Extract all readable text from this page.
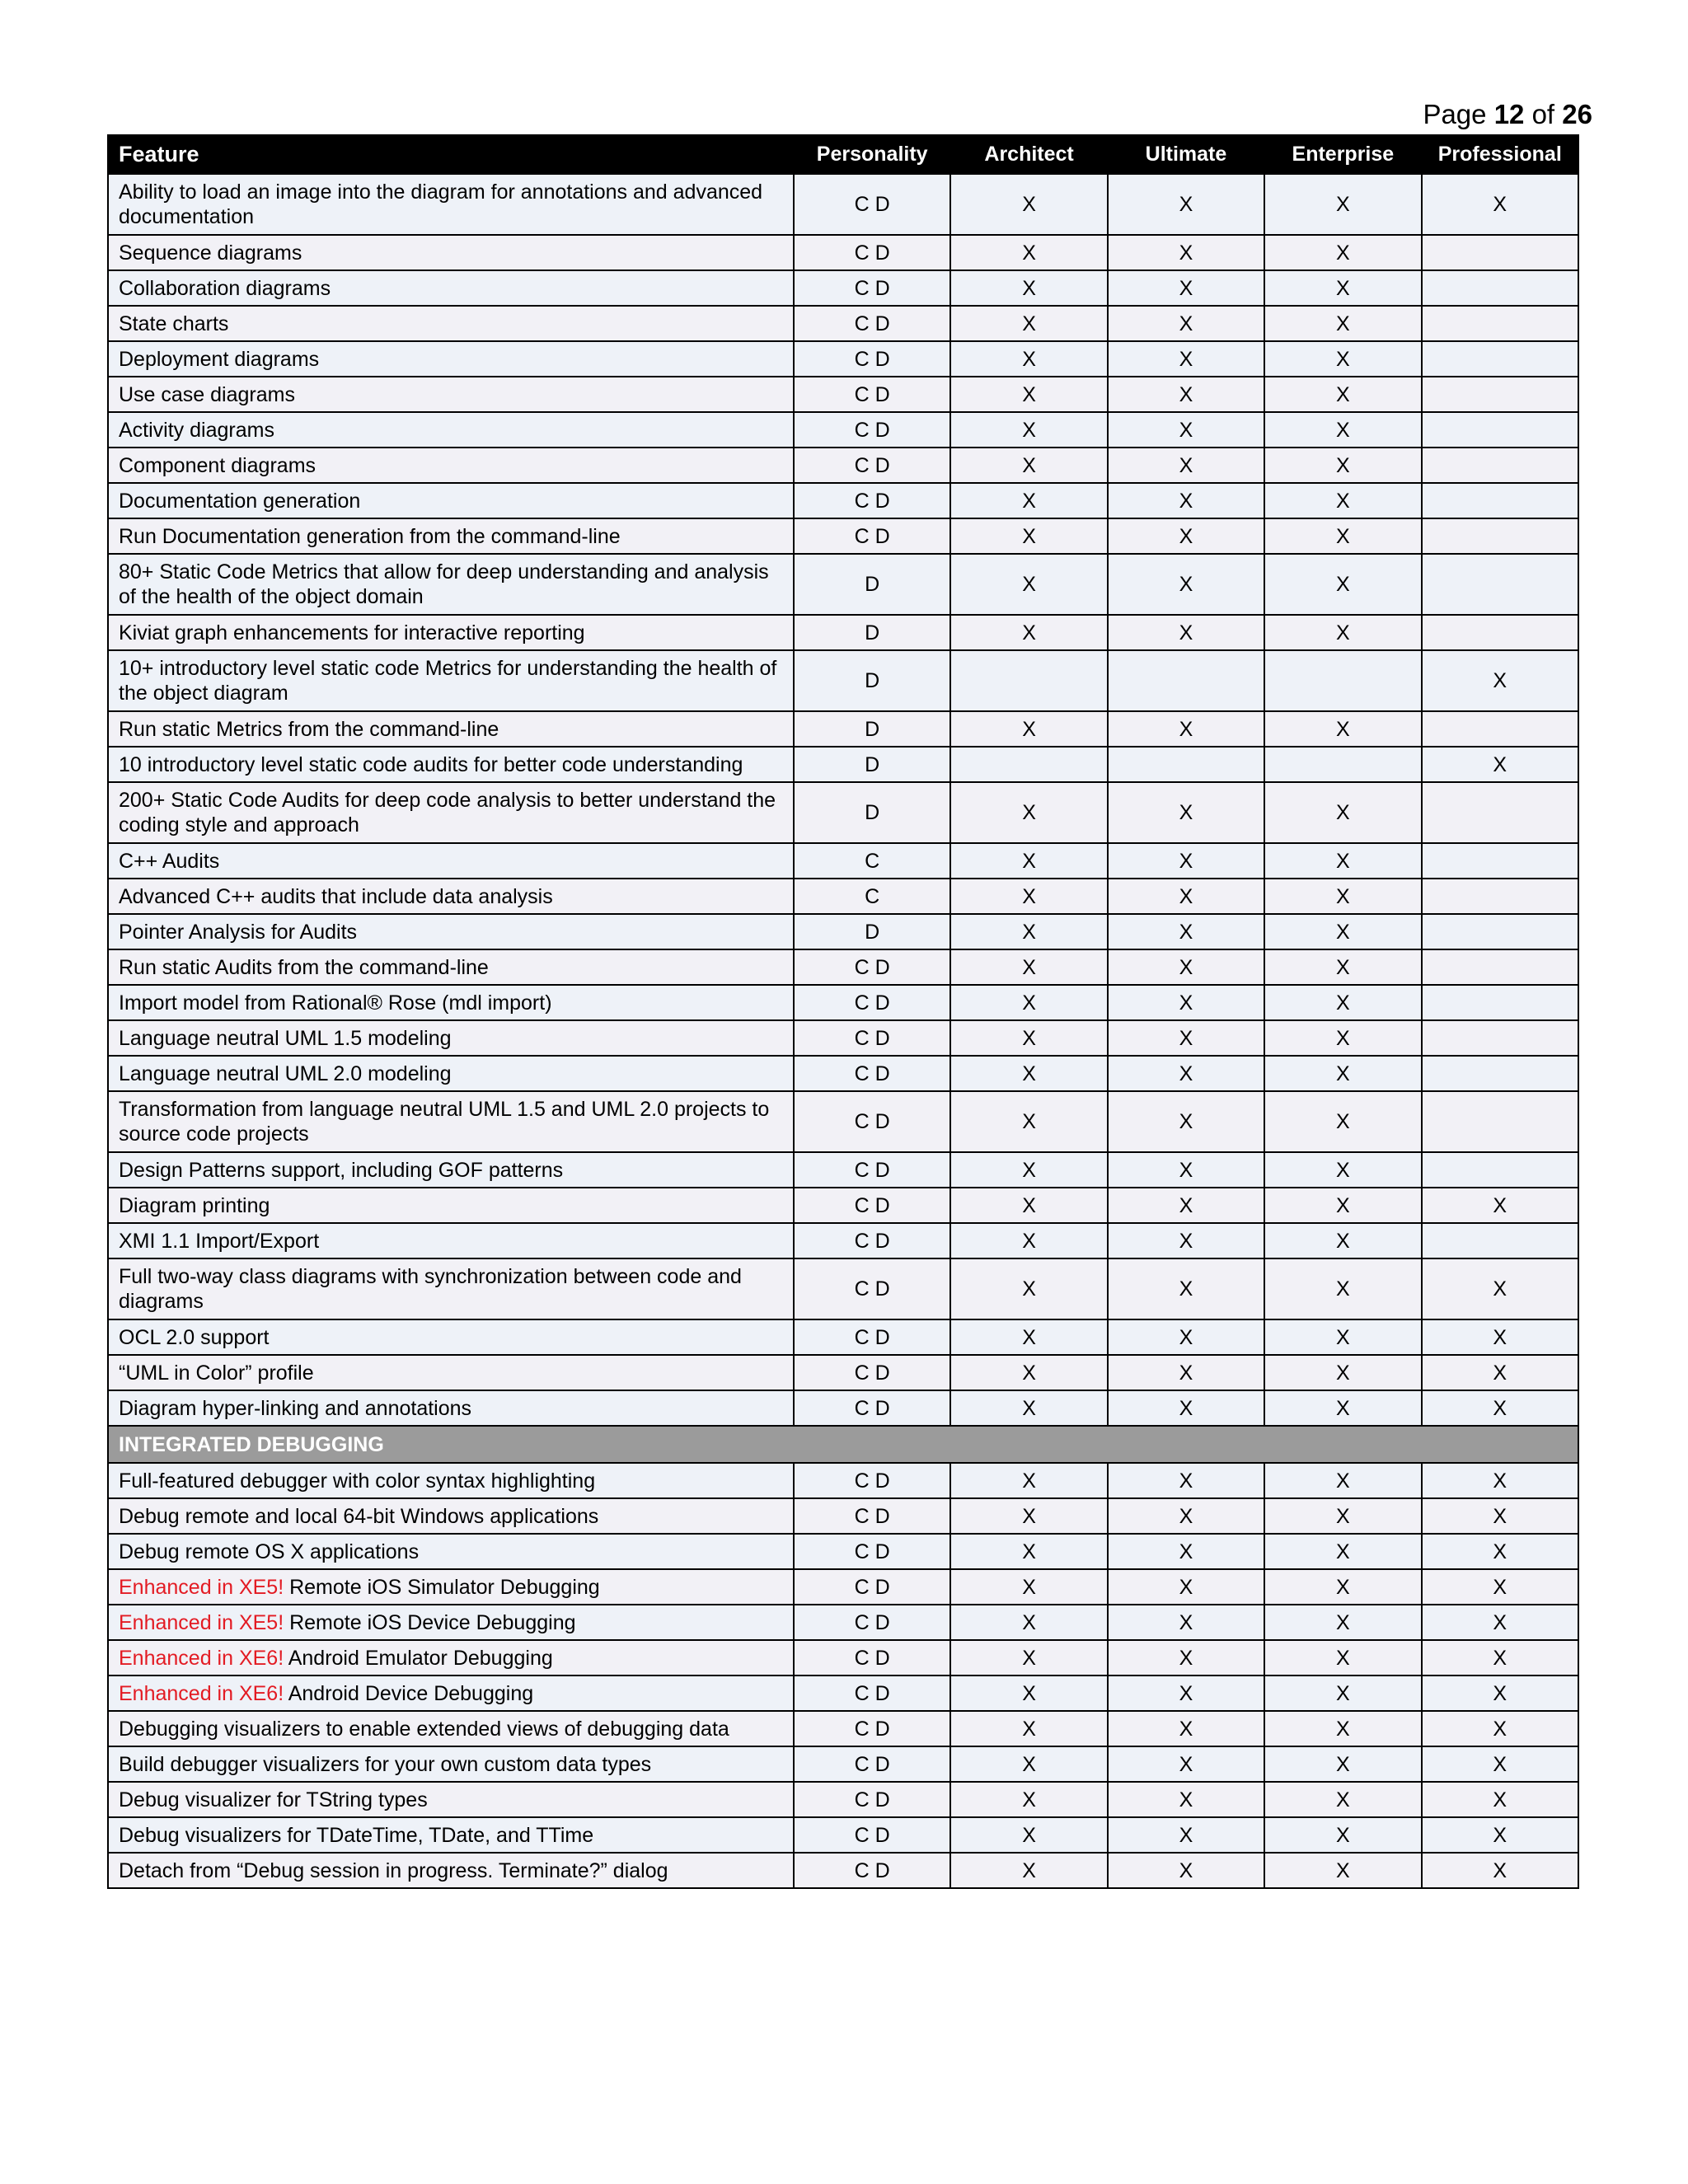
Page 12 of 26
Feature	Personality	Architect	Ultimate	Enterprise	Professional
Ability to load an image into the diagram for annotations and advanced documentation	C D	X	X	X	X
Sequence diagrams	C D	X	X	X	
Collaboration diagrams	C D	X	X	X	
State charts	C D	X	X	X	
Deployment diagrams	C D	X	X	X	
Use case diagrams	C D	X	X	X	
Activity diagrams	C D	X	X	X	
Component diagrams	C D	X	X	X	
Documentation generation	C D	X	X	X	
Run Documentation generation from the command-line	C D	X	X	X	
80+ Static Code Metrics that allow for deep understanding and analysis of the health of the object domain	D	X	X	X	
Kiviat graph enhancements for interactive reporting	D	X	X	X	
10+ introductory level static code Metrics for understanding the health of the object diagram	D				X
Run static Metrics from the command-line	D	X	X	X	
10 introductory level static code audits for better code understanding	D				X
200+ Static Code Audits for deep code analysis to better understand the coding style and approach	D	X	X	X	
C++ Audits	C	X	X	X	
Advanced C++ audits that include data analysis	C	X	X	X	
Pointer Analysis for Audits	D	X	X	X	
Run static Audits from the command-line	C D	X	X	X	
Import model from Rational® Rose (mdl import)	C D	X	X	X	
Language neutral UML 1.5 modeling	C D	X	X	X	
Language neutral UML 2.0 modeling	C D	X	X	X	
Transformation from language neutral UML 1.5 and UML 2.0 projects to source code projects	C D	X	X	X	
Design Patterns support, including GOF patterns	C D	X	X	X	
Diagram printing	C D	X	X	X	X
XMI 1.1 Import/Export	C D	X	X	X	
Full two-way class diagrams with synchronization between code and diagrams	C D	X	X	X	X
OCL 2.0 support	C D	X	X	X	X
“UML in Color” profile	C D	X	X	X	X
Diagram hyper-linking and annotations	C D	X	X	X	X
INTEGRATED DEBUGGING					
Full-featured debugger with color syntax highlighting	C D	X	X	X	X
Debug remote and local 64-bit Windows applications	C D	X	X	X	X
Debug remote OS X applications	C D	X	X	X	X
Enhanced in XE5! Remote iOS Simulator Debugging	C D	X	X	X	X
Enhanced in XE5! Remote iOS Device Debugging	C D	X	X	X	X
Enhanced in XE6! Android Emulator Debugging	C D	X	X	X	X
Enhanced in XE6! Android Device Debugging	C D	X	X	X	X
Debugging visualizers to enable extended views of debugging data	C D	X	X	X	X
Build debugger visualizers for your own custom data types	C D	X	X	X	X
Debug visualizer for TString types	C D	X	X	X	X
Debug visualizers for TDateTime, TDate, and TTime	C D	X	X	X	X
Detach from “Debug session in progress. Terminate?” dialog	C D	X	X	X	X
